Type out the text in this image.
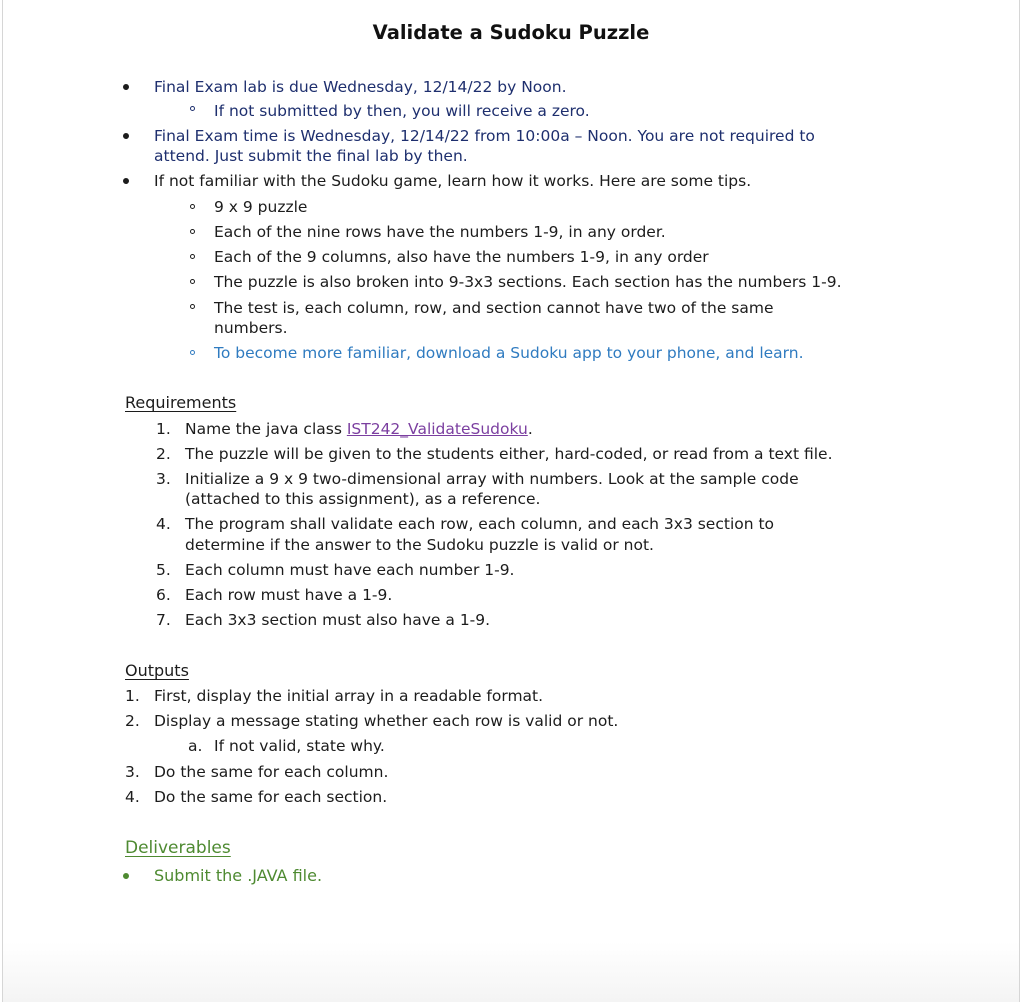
Validate a Sudoku Puzzle
Final Exam lab is due Wednesday, 12/14/22 by Noon.
If not submitted by then, you will receive a zero.
Final Exam time is Wednesday, 12/14/22 from 10:00a – Noon. You are not required to
attend. Just submit the final lab by then.
If not familiar with the Sudoku game, learn how it works. Here are some tips.
9 x 9 puzzle
Each of the nine rows have the numbers 1-9, in any order.
Each of the 9 columns, also have the numbers 1-9, in any order
The puzzle is also broken into 9-3x3 sections. Each section has the numbers 1-9.
The test is, each column, row, and section cannot have two of the same
numbers.
To become more familiar, download a Sudoku app to your phone, and learn.
Requirements
1. Name the java class IST242_ValidateSudoku.
2. The puzzle will be given to the students either, hard-coded, or read from a text file.
3. Initialize a 9 x 9 two-dimensional array with numbers. Look at the sample code
(attached to this assignment), as a reference.
4. The program shall validate each row, each column, and each 3x3 section to
determine if the answer to the Sudoku puzzle is valid or not.
5. Each column must have each number 1-9.
6. Each row must have a 1-9.
7. Each 3x3 section must also have a 1-9.
Outputs
1. First, display the initial array in a readable format.
2. Display a message stating whether each row is valid or not.
a. If not valid, state why.
3. Do the same for each column.
4. Do the same for each section.
Deliverables
Submit the .JAVA file.
